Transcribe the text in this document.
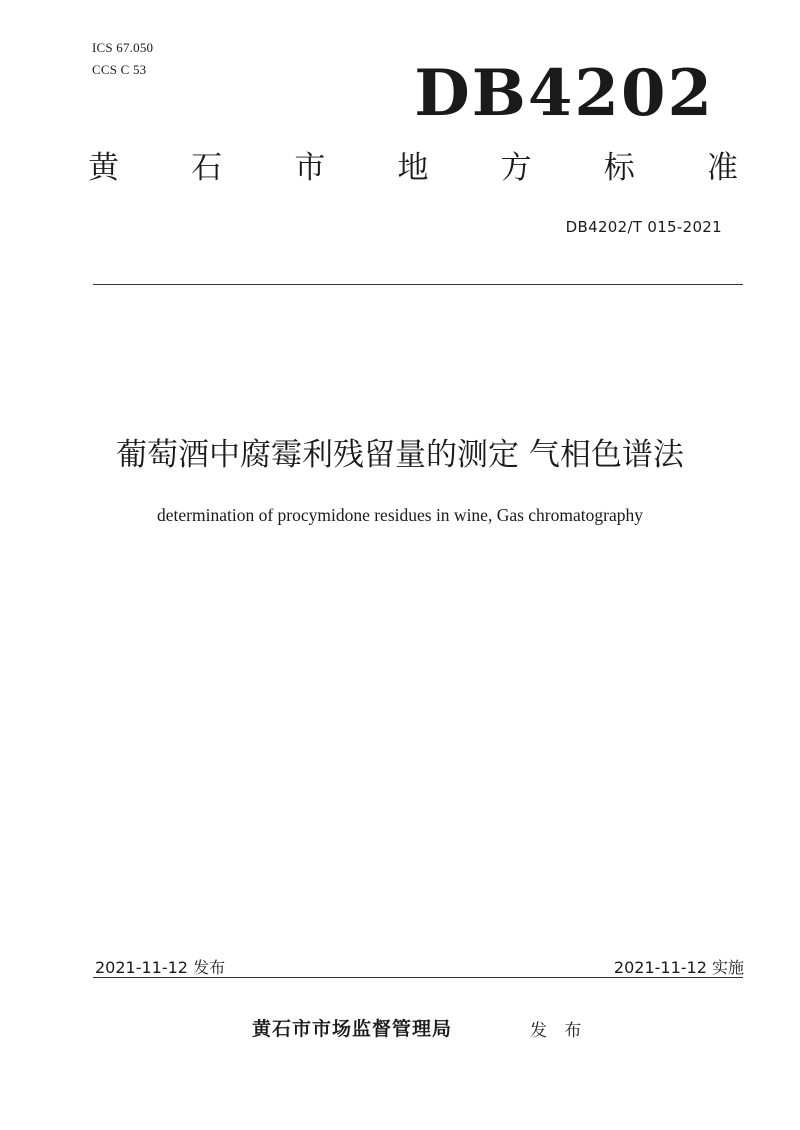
ICS 67.050
CCS C 53	DB4202
黄 石 市 地 方 标 准
DB4202/T 015-2021
葡萄酒中腐霉利残留量的测定 气相色谱法
determination of procymidone residues in wine, Gas chromatography
2021-11-12 发布	2021-11-12 实施
黄石市市场监督管理局	发 布
